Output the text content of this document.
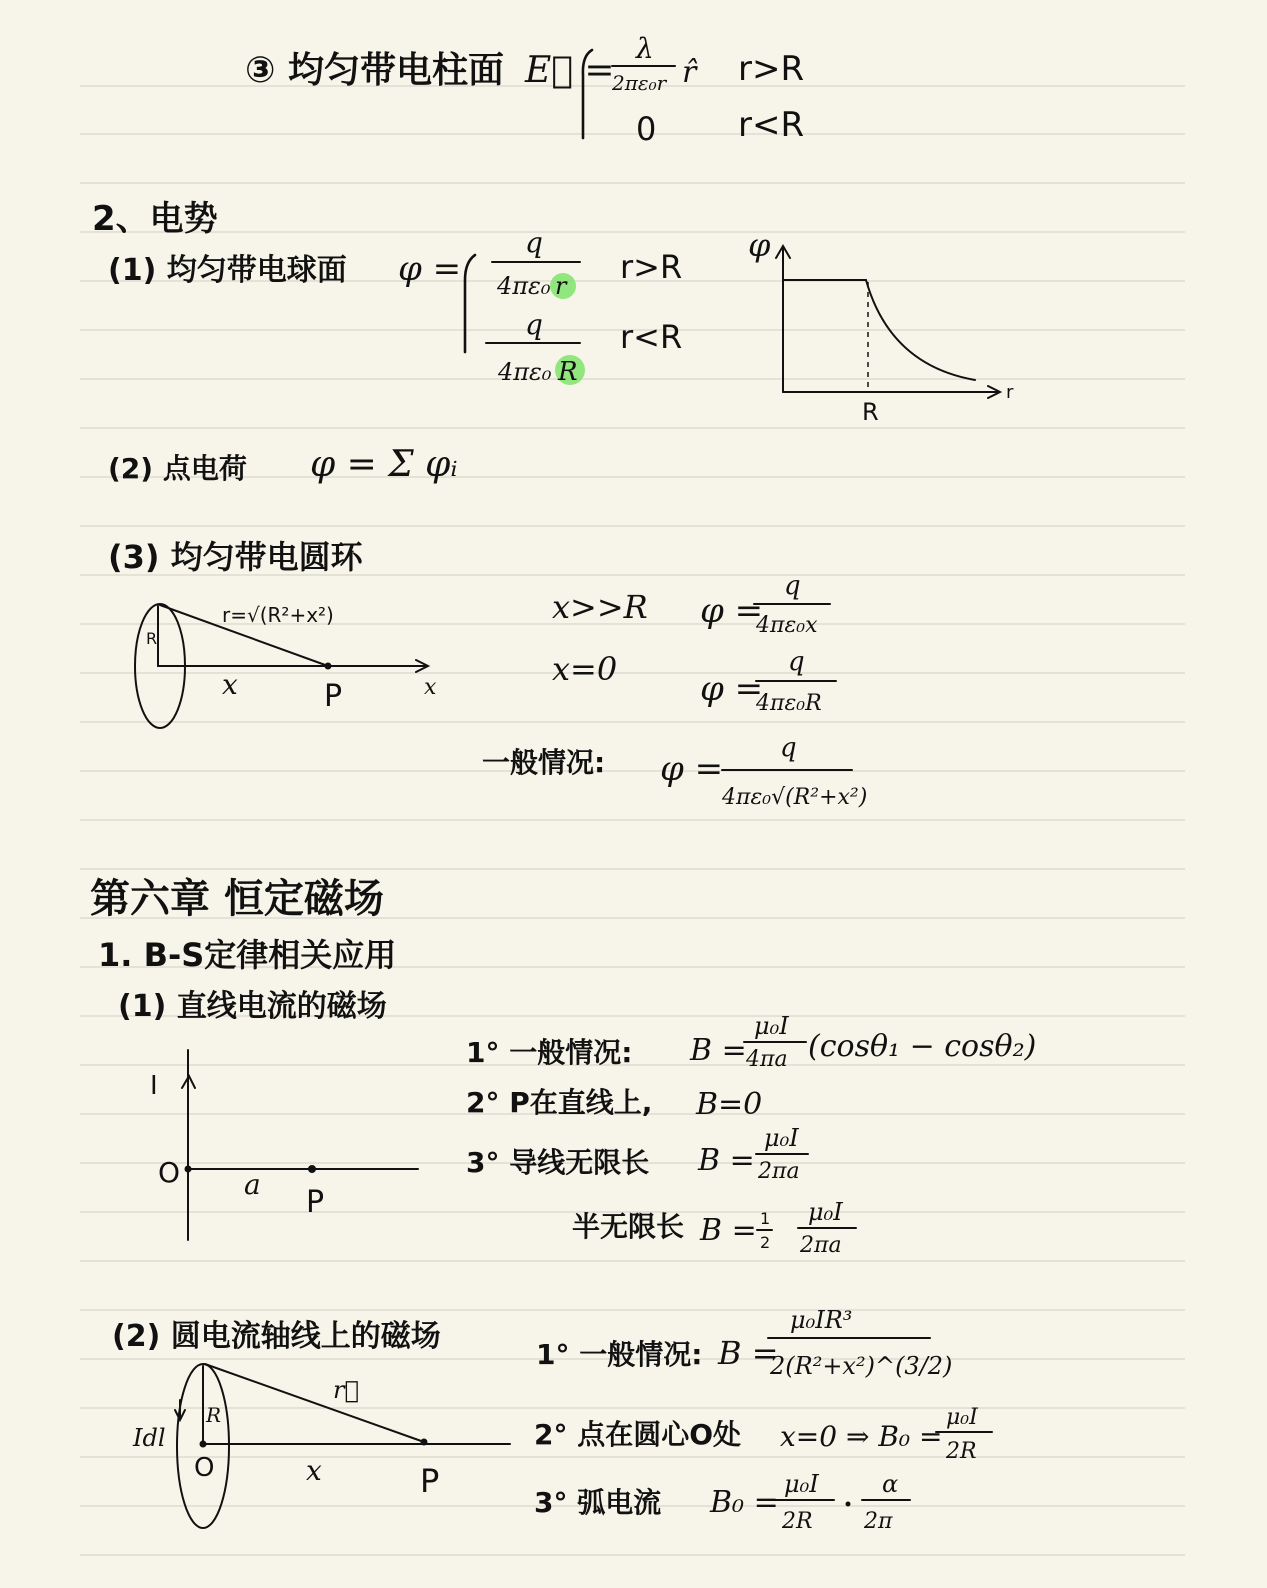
③ 均匀带电柱面 E⃗ =
λ
2πε₀r r̂ r>R
0 r<R
2、电势
(1) 均匀带电球面 φ =
q
4πε₀ r r>R
q
4πε₀ R
r<R
φ
r
R
(2) 点电荷 φ = Σ φᵢ
(3) 均匀带电圆环
r=√(R²+x²)
R
x	P	x
x>>R φ =
q
4πε₀x
x=0 φ =
q
4πε₀R
一般情况: φ =
q
4πε₀√(R²+x²)
第六章 恒定磁场
1. B-S定律相关应用
(1) 直线电流的磁场
I
O a
P
1° 一般情况: B =
μ₀I
4πa (cosθ₁ − cosθ₂)
2° P在直线上, B=0
3° 导线无限长 B =
μ₀I
2πa
半无限长 B = 1
2
μ₀I
2πa
(2) 圆电流轴线上的磁场
Idl
R
r⃗
O	x	P
1° 一般情况: B =
μ₀IR³
2(R²+x²)^(3/2)
2° 点在圆心O处 x=0 ⇒ B₀ =
μ₀I
2R
3° 弧电流 B₀ =
μ₀I
2R
α
2π
